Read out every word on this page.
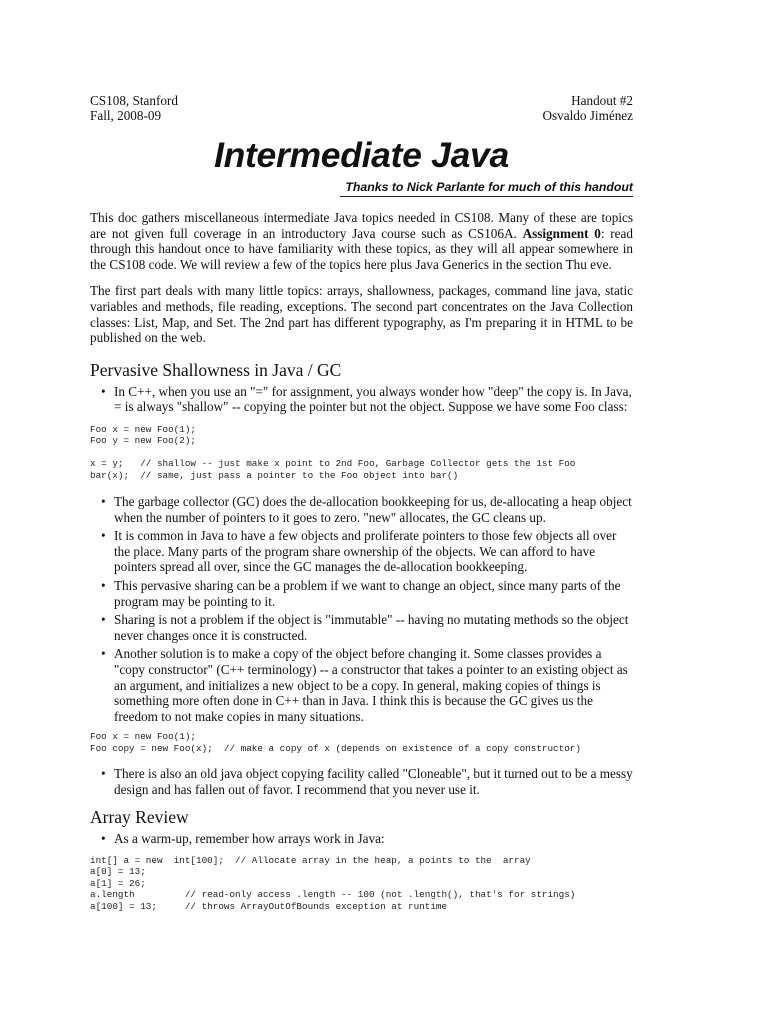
CS108, Stanford
Fall, 2008-09
Handout #2
Osvaldo Jiménez
Intermediate Java
Thanks to Nick Parlante for much of this handout

This doc gathers miscellaneous intermediate Java topics needed in CS108. Many of these are topics are not given full coverage in an introductory Java course such as CS106A. Assignment 0: read through this handout once to have familiarity with these topics, as they will all appear somewhere in the CS108 code. We will review a few of the topics here plus Java Generics in the section Thu eve.

The first part deals with many little topics: arrays, shallowness, packages, command line java, static variables and methods, file reading, exceptions. The second part concentrates on the Java Collection classes: List, Map, and Set. The 2nd part has different typography, as I'm preparing it in HTML to be published on the web.

Pervasive Shallowness in Java / GC
• In C++, when you use an "=" for assignment, you always wonder how "deep" the copy is. In Java, = is always "shallow" -- copying the pointer but not the object. Suppose we have some Foo class:
Foo x = new Foo(1);
Foo y = new Foo(2);

x = y;   // shallow -- just make x point to 2nd Foo, Garbage Collector gets the 1st Foo
bar(x);  // same, just pass a pointer to the Foo object into bar()
• The garbage collector (GC) does the de-allocation bookkeeping for us, de-allocating a heap object when the number of pointers to it goes to zero. "new" allocates, the GC cleans up.
• It is common in Java to have a few objects and proliferate pointers to those few objects all over the place. Many parts of the program share ownership of the objects. We can afford to have pointers spread all over, since the GC manages the de-allocation bookkeeping.
• This pervasive sharing can be a problem if we want to change an object, since many parts of the program may be pointing to it.
• Sharing is not a problem if the object is "immutable" -- having no mutating methods so the object never changes once it is constructed.
• Another solution is to make a copy of the object before changing it. Some classes provides a "copy constructor" (C++ terminology) -- a constructor that takes a pointer to an existing object as an argument, and initializes a new object to be a copy. In general, making copies of things is something more often done in C++ than in Java. I think this is because the GC gives us the freedom to not make copies in many situations.
Foo x = new Foo(1);
Foo copy = new Foo(x);  // make a copy of x (depends on existence of a copy constructor)
• There is also an old java object copying facility called "Cloneable", but it turned out to be a messy design and has fallen out of favor. I recommend that you never use it.
Array Review
• As a warm-up, remember how arrays work in Java:
int[] a = new  int[100];  // Allocate array in the heap, a points to the  array
a[0] = 13;
a[1] = 26;
a.length         // read-only access .length -- 100 (not .length(), that's for strings)
a[100] = 13;     // throws ArrayOutOfBounds exception at runtime
